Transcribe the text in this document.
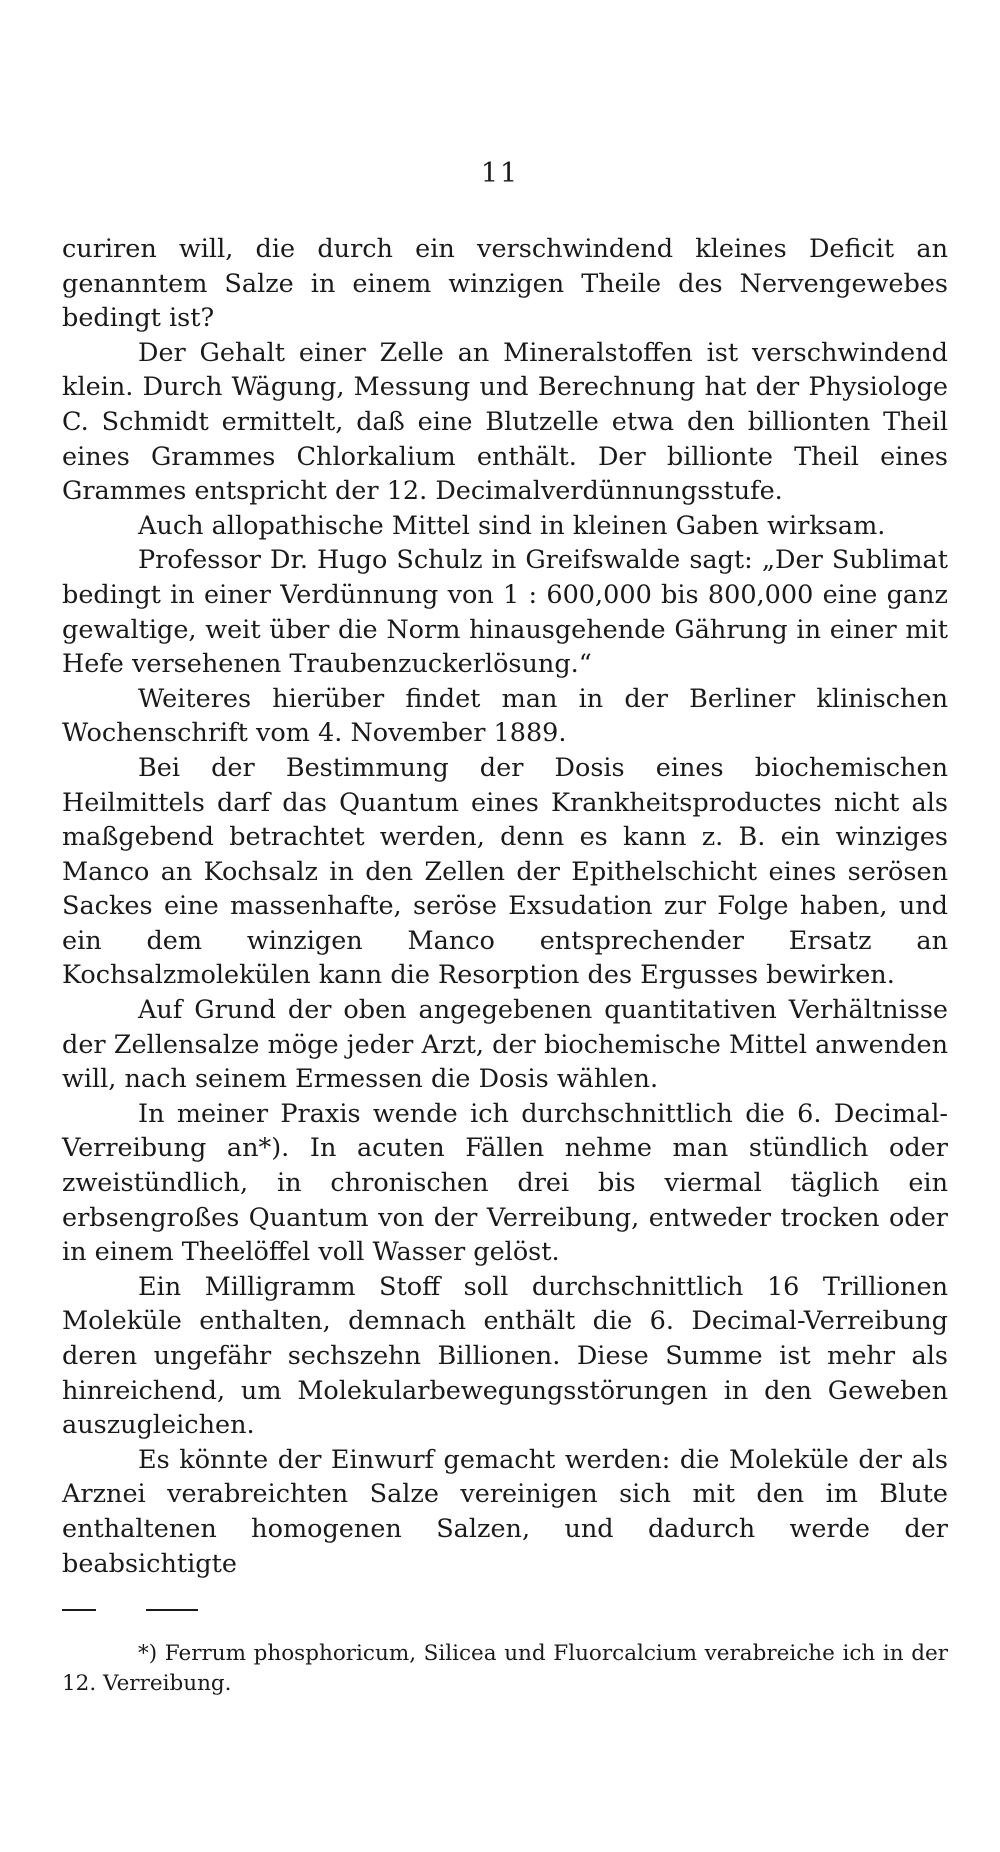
11

curiren will, die durch ein verschwindend kleines Deficit an genanntem Salze in einem winzigen Theile des Nervengewebes bedingt ist?

Der Gehalt einer Zelle an Mineralstoffen ist verschwindend klein. Durch Wägung, Messung und Berechnung hat der Physiologe C. Schmidt ermittelt, daß eine Blutzelle etwa den billionten Theil eines Grammes Chlorkalium enthält. Der billionte Theil eines Grammes entspricht der 12. Decimalverdünnungsstufe.

Auch allopathische Mittel sind in kleinen Gaben wirksam.

Professor Dr. Hugo Schulz in Greifswalde sagt: „Der Sublimat bedingt in einer Verdünnung von 1 : 600,000 bis 800,000 eine ganz gewaltige, weit über die Norm hinausgehende Gährung in einer mit Hefe versehenen Traubenzuckerlösung.“

Weiteres hierüber findet man in der Berliner klinischen Wochenschrift vom 4. November 1889.

Bei der Bestimmung der Dosis eines biochemischen Heilmittels darf das Quantum eines Krankheitsproductes nicht als maßgebend betrachtet werden, denn es kann z. B. ein winziges Manco an Kochsalz in den Zellen der Epithelschicht eines serösen Sackes eine massenhafte, seröse Exsudation zur Folge haben, und ein dem winzigen Manco entsprechender Ersatz an Kochsalzmolekülen kann die Resorption des Ergusses bewirken.

Auf Grund der oben angegebenen quantitativen Verhältnisse der Zellensalze möge jeder Arzt, der biochemische Mittel anwenden will, nach seinem Ermessen die Dosis wählen.

In meiner Praxis wende ich durchschnittlich die 6. Decimal-Verreibung an*). In acuten Fällen nehme man stündlich oder zweistündlich, in chronischen drei bis viermal täglich ein erbsengroßes Quantum von der Verreibung, entweder trocken oder in einem Theelöffel voll Wasser gelöst.

Ein Milligramm Stoff soll durchschnittlich 16 Trillionen Moleküle enthalten, demnach enthält die 6. Decimal-Verreibung deren ungefähr sechszehn Billionen. Diese Summe ist mehr als hinreichend, um Molekularbewegungsstörungen in den Geweben auszugleichen.

Es könnte der Einwurf gemacht werden: die Moleküle der als Arznei verabreichten Salze vereinigen sich mit den im Blute enthaltenen homogenen Salzen, und dadurch werde der beabsichtigte

*) Ferrum phosphoricum, Silicea und Fluorcalcium verabreiche ich in der 12. Verreibung.
